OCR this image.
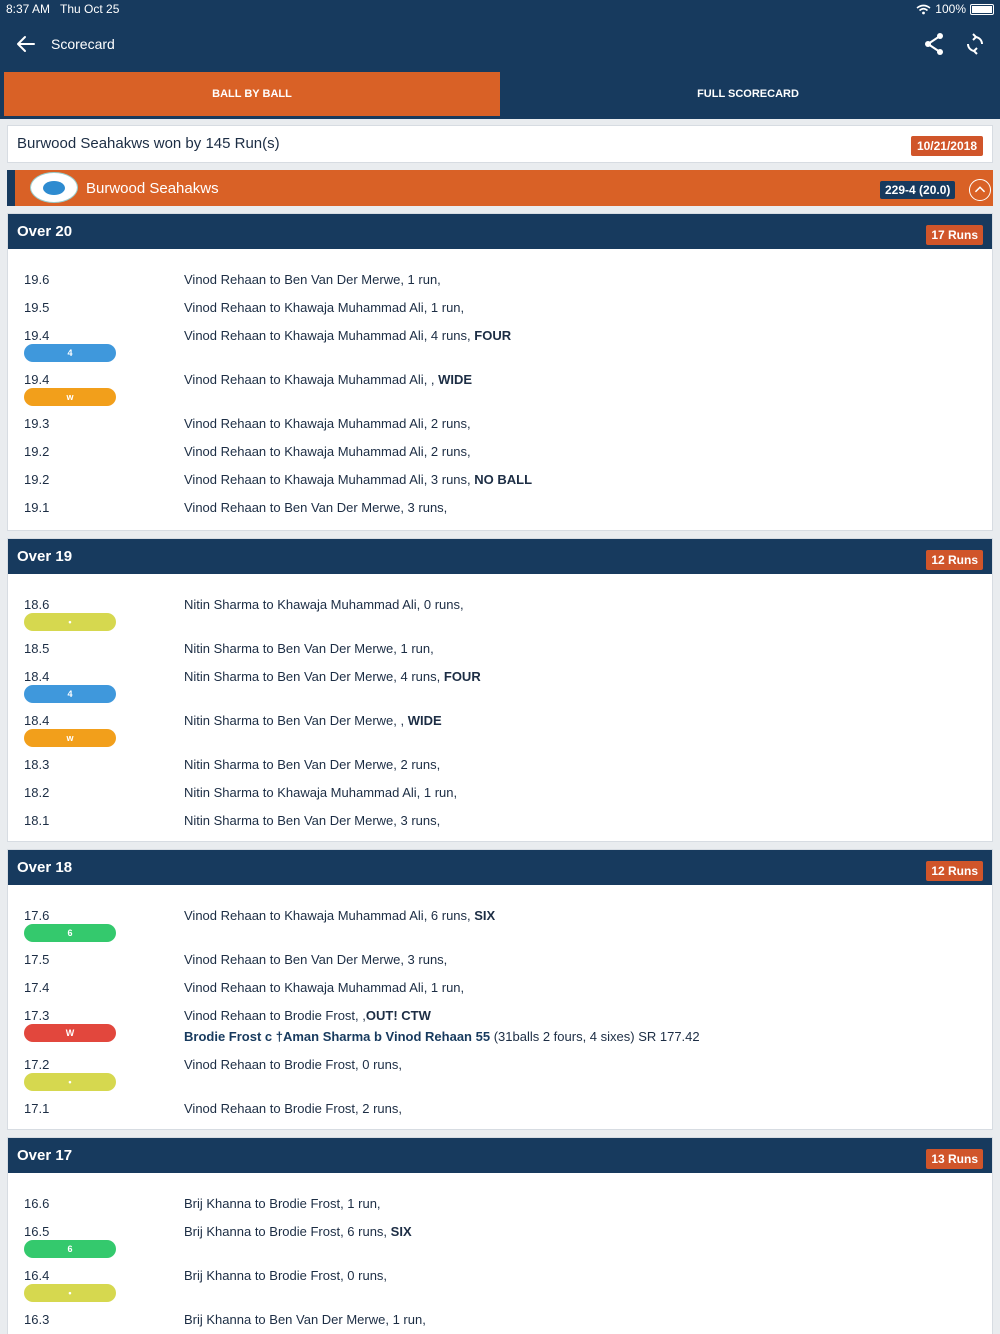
8:37 AM Thu Oct 25	100%
Scorecard
BALL BY BALL	FULL SCORECARD
Burwood Seahakws won by 145 Run(s)	10/21/2018
Burwood Seahakws	229-4 (20.0)
Over 20	17 Runs
19.6	Vinod Rehaan to Ben Van Der Merwe, 1 run,
19.5	Vinod Rehaan to Khawaja Muhammad Ali, 1 run,
19.4	Vinod Rehaan to Khawaja Muhammad Ali, 4 runs, FOUR
4
19.4	Vinod Rehaan to Khawaja Muhammad Ali, , WIDE
w
19.3	Vinod Rehaan to Khawaja Muhammad Ali, 2 runs,
19.2	Vinod Rehaan to Khawaja Muhammad Ali, 2 runs,
19.2	Vinod Rehaan to Khawaja Muhammad Ali, 3 runs, NO BALL
19.1	Vinod Rehaan to Ben Van Der Merwe, 3 runs,
Over 19	12 Runs
18.6	Nitin Sharma to Khawaja Muhammad Ali, 0 runs,
•
18.5	Nitin Sharma to Ben Van Der Merwe, 1 run,
18.4	Nitin Sharma to Ben Van Der Merwe, 4 runs, FOUR
4
18.4	Nitin Sharma to Ben Van Der Merwe, , WIDE
w
18.3	Nitin Sharma to Ben Van Der Merwe, 2 runs,
18.2	Nitin Sharma to Khawaja Muhammad Ali, 1 run,
18.1	Nitin Sharma to Ben Van Der Merwe, 3 runs,
Over 18	12 Runs
17.6	Vinod Rehaan to Khawaja Muhammad Ali, 6 runs, SIX
6
17.5	Vinod Rehaan to Ben Van Der Merwe, 3 runs,
17.4	Vinod Rehaan to Khawaja Muhammad Ali, 1 run,
17.3	Vinod Rehaan to Brodie Frost, ,OUT! CTW
W	Brodie Frost c †Aman Sharma b Vinod Rehaan 55 (31balls 2 fours, 4 sixes) SR 177.42
17.2	Vinod Rehaan to Brodie Frost, 0 runs,
•
17.1	Vinod Rehaan to Brodie Frost, 2 runs,
Over 17	13 Runs
16.6	Brij Khanna to Brodie Frost, 1 run,
16.5	Brij Khanna to Brodie Frost, 6 runs, SIX
6
16.4	Brij Khanna to Brodie Frost, 0 runs,
•
16.3	Brij Khanna to Ben Van Der Merwe, 1 run,
